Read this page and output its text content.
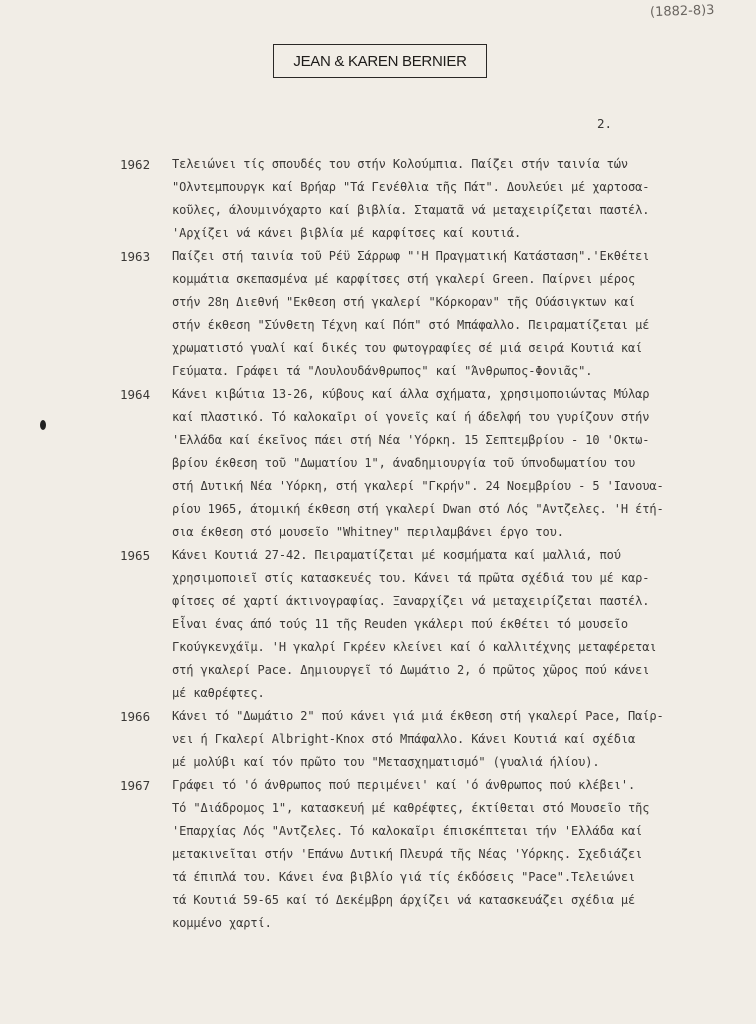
(1882-8)3
JEAN & KAREN BERNIER
2.
1962	Τελειώνει τίς σπουδές του στήν Κολούμπια. Παίζει στήν ταινία τών
"Ολντεμπουργκ καί Βρήαρ "Τά Γενέθλια τῆς Πάτ". Δουλεύει μέ χαρτοσα-
κοῦλες, άλουμινόχαρτο καί βιβλία. Σταματᾶ νά μεταχειρίζεται παστέλ.
'Αρχίζει νά κάνει βιβλία μέ καρφίτσες καί κουτιά.
1963	Παίζει στή ταινία τοῦ Ρέϋ Σάρρωφ "'Η Πραγματική Κατάσταση".'Εκθέτει
κομμάτια σκεπασμένα μέ καρφίτσες στή γκαλερί Green. Παίρνει μέρος
στήν 28η Διεθνή "Εκθεση στή γκαλερί "Κόρκοραν" τῆς Ούάσιγκτων καί
στήν έκθεση "Σύνθετη Τέχνη καί Πόπ" στό Μπάφαλλο. Πειραματίζεται μέ
χρωματιστό γυαλί καί δικές του φωτογραφίες σέ μιά σειρά Κουτιά καί
Γεύματα. Γράφει τά "Λουλουδάνθρωπος" καί "Άνθρωπος-Φονιᾶς".
1964	Κάνει κιβώτια 13-26, κύβους καί άλλα σχήματα, χρησιμοποιώντας Μύλαρ
καί πλαστικό. Τό καλοκαῖρι οί γονεῖς καί ή άδελφή του γυρίζουν στήν
'Ελλάδα καί έκεῖνος πάει στή Νέα 'Υόρκη. 15 Σεπτεμβρίου - 10 'Οκτω-
βρίου έκθεση τοῦ "Δωματίου 1", άναδημιουργία τοῦ ύπνοδωματίου του
στή Δυτική Νέα 'Υόρκη, στή γκαλερί "Γκρήν". 24 Νοεμβρίου - 5 'Ιανουα-
ρίου 1965, άτομική έκθεση στή γκαλερί Dwan στό Λός "Αντζελες. 'Η έτή-
σια έκθεση στό μουσεῖο "Whitney" περιλαμβάνει έργο του.
1965	Κάνει Κουτιά 27-42. Πειραματίζεται μέ κοσμήματα καί μαλλιά, πού
χρησιμοποιεῖ στίς κατασκευές του. Κάνει τά πρῶτα σχέδιά του μέ καρ-
φίτσες σέ χαρτί άκτινογραφίας. Ξαναρχίζει νά μεταχειρίζεται παστέλ.
Εἶναι ένας άπό τούς 11 τῆς Reuden γκάλερι πού έκθέτει τό μουσεῖο
Γκούγκενχάϊμ. 'Η γκαλρί Γκρέεν κλείνει καί ό καλλιτέχνης μεταφέρεται
στή γκαλερί Pace. Δημιουργεῖ τό Δωμάτιο 2, ό πρῶτος χῶρος πού κάνει
μέ καθρέφτες.
1966	Κάνει τό "Δωμάτιο 2" πού κάνει γιά μιά έκθεση στή γκαλερί Pace, Παίρ-
νει ή Γκαλερί Albright-Knox στό Μπάφαλλο. Κάνει Κουτιά καί σχέδια
μέ μολύβι καί τόν πρῶτο του "Μετασχηματισμό" (γυαλιά ήλίου).
1967	Γράφει τό 'ό άνθρωπος πού περιμένει' καί 'ό άνθρωπος πού κλέβει'.
Τό "Διάδρομος 1", κατασκευή μέ καθρέφτες, έκτίθεται στό Μουσεῖο τῆς
'Επαρχίας Λός "Αντζελες. Τό καλοκαῖρι έπισκέπτεται τήν 'Ελλάδα καί
μετακινεῖται στήν 'Επάνω Δυτική Πλευρά τῆς Νέας 'Υόρκης. Σχεδιάζει
τά έπιπλά του. Κάνει ένα βιβλίο γιά τίς έκδόσεις "Pace".Τελειώνει
τά Κουτιά 59-65 καί τό Δεκέμβρη άρχίζει νά κατασκευάζει σχέδια μέ
κομμένο χαρτί.
